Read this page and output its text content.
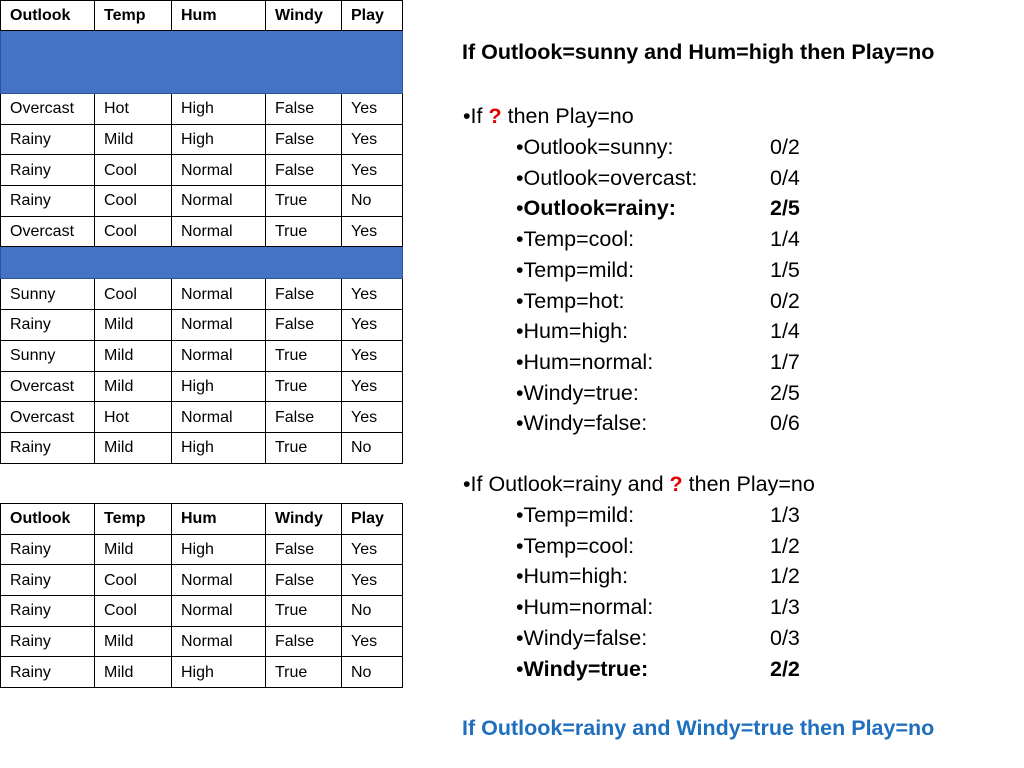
Outlook	Temp	Hum	Windy	Play

Overcast	Hot	High	False	Yes
Rainy	Mild	High	False	Yes
Rainy	Cool	Normal	False	Yes
Rainy	Cool	Normal	True	No
Overcast	Cool	Normal	True	Yes

Sunny	Cool	Normal	False	Yes
Rainy	Mild	Normal	False	Yes
Sunny	Mild	Normal	True	Yes
Overcast	Mild	High	True	Yes
Overcast	Hot	Normal	False	Yes
Rainy	Mild	High	True	No
Outlook	Temp	Hum	Windy	Play
Rainy	Mild	High	False	Yes
Rainy	Cool	Normal	False	Yes
Rainy	Cool	Normal	True	No
Rainy	Mild	Normal	False	Yes
Rainy	Mild	High	True	No
If Outlook=sunny and Hum=high then Play=no
•If ? then Play=no
•Outlook=sunny:	0/2
•Outlook=overcast:	0/4
•Outlook=rainy:	2/5
•Temp=cool:	1/4
•Temp=mild:	1/5
•Temp=hot:	0/2
•Hum=high:	1/4
•Hum=normal:	1/7
•Windy=true:	2/5
•Windy=false:	0/6
•If Outlook=rainy and ? then Play=no
•Temp=mild:	1/3
•Temp=cool:	1/2
•Hum=high:	1/2
•Hum=normal:	1/3
•Windy=false:	0/3
•Windy=true:	2/2
If Outlook=rainy and Windy=true then Play=no
